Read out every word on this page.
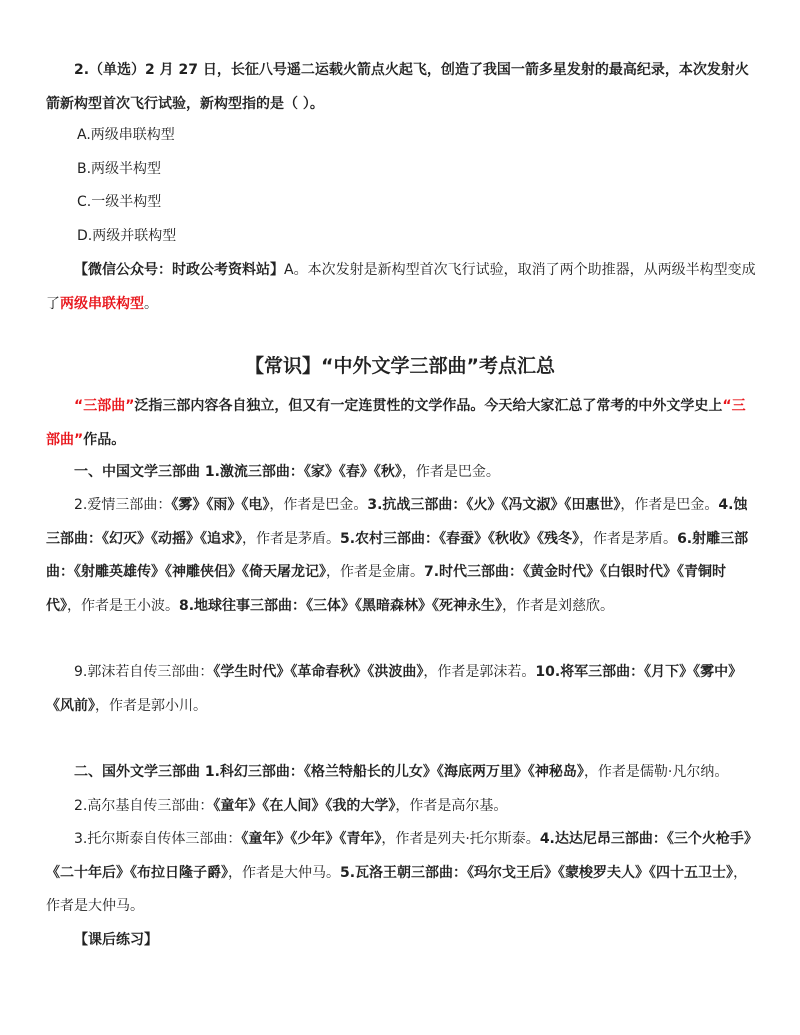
2.（单选）2 月 27 日，长征八号遥二运载火箭点火起飞，创造了我国一箭多星发射的最高纪录，本次发射火箭新构型首次飞行试验，新构型指的是（ ）。

A.两级串联构型

B.两级半构型

C.一级半构型

D.两级并联构型

【微信公众号：时政公考资料站】A。本次发射是新构型首次飞行试验，取消了两个助推器，从两级半构型变成了两级串联构型。

【常识】“中外文学三部曲”考点汇总

“三部曲”泛指三部内容各自独立，但又有一定连贯性的文学作品。今天给大家汇总了常考的中外文学史上“三部曲”作品。

一、中国文学三部曲 1.激流三部曲：《家》《春》《秋》，作者是巴金。

2.爱情三部曲：《雾》《雨》《电》，作者是巴金。3.抗战三部曲：《火》《冯文淑》《田惠世》，作者是巴金。4.蚀三部曲：《幻灭》《动摇》《追求》，作者是茅盾。5.农村三部曲：《春蚕》《秋收》《残冬》，作者是茅盾。6.射雕三部曲：《射雕英雄传》《神雕侠侣》《倚天屠龙记》，作者是金庸。7.时代三部曲：《黄金时代》《白银时代》《青铜时代》，作者是王小波。8.地球往事三部曲：《三体》《黑暗森林》《死神永生》，作者是刘慈欣。

9.郭沫若自传三部曲：《学生时代》《革命春秋》《洪波曲》，作者是郭沫若。10.将军三部曲：《月下》《雾中》《风前》，作者是郭小川。

二、国外文学三部曲 1.科幻三部曲：《格兰特船长的儿女》《海底两万里》《神秘岛》，作者是儒勒·凡尔纳。

2.高尔基自传三部曲：《童年》《在人间》《我的大学》，作者是高尔基。

3.托尔斯泰自传体三部曲：《童年》《少年》《青年》，作者是列夫·托尔斯泰。4.达达尼昂三部曲：《三个火枪手》《二十年后》《布拉日隆子爵》，作者是大仲马。5.瓦洛王朝三部曲：《玛尔戈王后》《蒙梭罗夫人》《四十五卫士》，作者是大仲马。

【课后练习】
